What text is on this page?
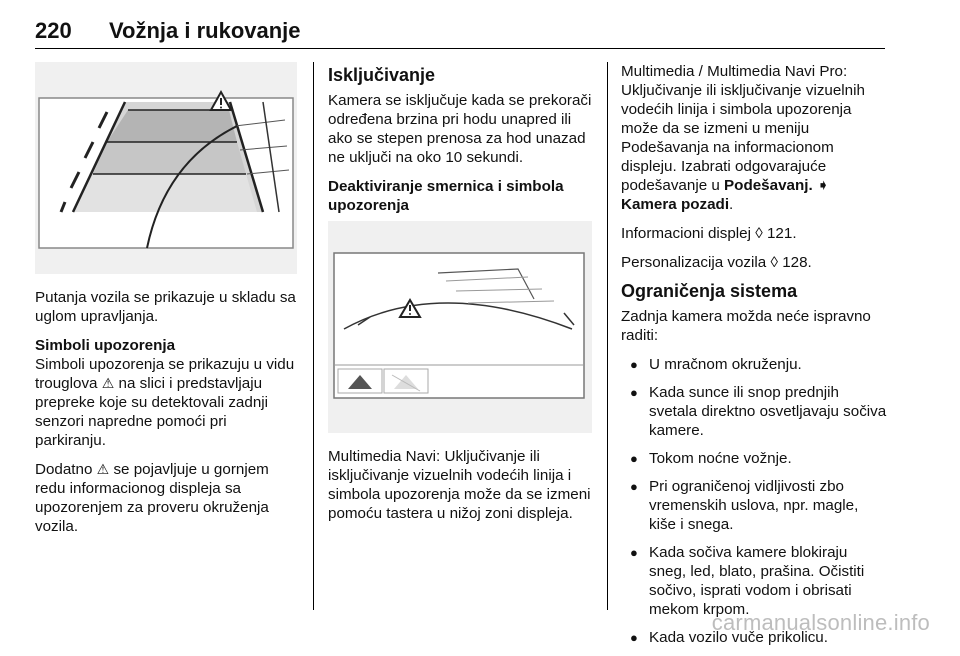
220 Vožnja i rukovanje

Putanja vozila se prikazuje u skladu sa uglom upravljanja.

Simboli upozorenja

Simboli upozorenja se prikazuju u vidu trouglova ⚠ na slici i predstavljaju prepreke koje su detektovali zadnji senzori napredne pomoći pri parkiranju.

Dodatno ⚠ se pojavljuje u gornjem redu informacionog displeja sa upozorenjem za proveru okruženja vozila.

Isključivanje

Kamera se isključuje kada se prekorači određena brzina pri hodu unapred ili ako se stepen prenosa za hod unazad ne uključi na oko 10 sekundi.

Deaktiviranje smernica i simbola upozorenja

Multimedia Navi: Uključivanje ili isključivanje vizuelnih vodećih linija i simbola upozorenja može da se izmeni pomoću tastera u nižoj zoni displeja.

Multimedia / Multimedia Navi Pro: Uključivanje ili isključivanje vizuelnih vodećih linija i simbola upozorenja može da se izmeni u meniju Podešavanja na informacionom displeju. Izabrati odgovarajuće podešavanje u Podešavanj. ➧ Kamera pozadi.

Informacioni displej ◊ 121.

Personalizacija vozila ◊ 128.

Ograničenja sistema

Zadnja kamera možda neće ispravno raditi:

● U mračnom okruženju.
● Kada sunce ili snop prednjih svetala direktno osvetljavaju sočiva kamere.
● Tokom noćne vožnje.
● Pri ograničenoj vidljivosti zbo vremenskih uslova, npr. magle, kiše i snega.
● Kada sočiva kamere blokiraju sneg, led, blato, prašina. Očistiti sočivo, isprati vodom i obrisati mekom krpom.
● Kada vozilo vuče prikolicu.
carmanualsonline.info
